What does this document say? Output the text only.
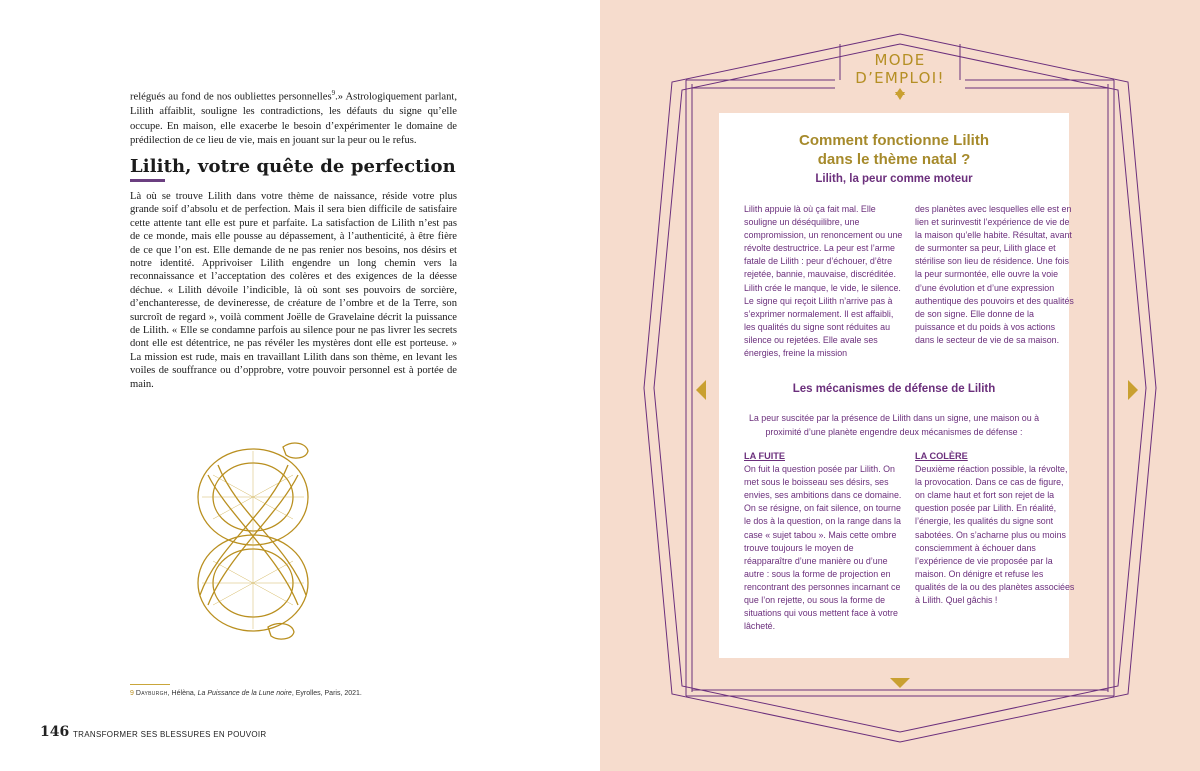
relégués au fond de nos oubliettes personnelles$^9$.» Astrologiquement parlant, Lilith affaiblit, souligne les contradictions, les défauts du signe qu’elle occupe. En maison, elle exacerbe le besoin d’expérimenter le domaine de prédilection de ce lieu de vie, mais en jouant sur la peur ou le refus.
Lilith, votre quête de perfection

Là où se trouve Lilith dans votre thème de naissance, réside votre plus grande soif d’absolu et de perfection. Mais il sera bien difficile de satisfaire cette attente tant elle est pure et parfaite. La satisfaction de Lilith n’est pas de ce monde, mais elle pousse au dépassement, à l’authenticité, à être fière de ce que l’on est. Elle demande de ne pas renier nos besoins, nos désirs et notre identité. Apprivoiser Lilith engendre un long chemin vers la reconnaissance et l’acceptation des colères et des exigences de la déesse déchue. « Lilith dévoile l’indicible, là où sont ses pouvoirs de sorcière, d’enchanteresse, de devineresse, de créature de l’ombre et de la Terre, son surcroît de regard », voilà comment Joëlle de Gravelaine décrit la puissance de Lilith. « Elle se condamne parfois au silence pour ne pas livrer les secrets dont elle est détentrice, ne pas révéler les mystères dont elle est porteuse. » La mission est rude, mais en travaillant Lilith dans son thème, en levant les voiles de souffrance ou d’opprobre, votre pouvoir personnel est à portée de main.

9 Dayburgh, Hélèna, La Puissance de la Lune noire, Eyrolles, Paris, 2021.
146 TRANSFORMER SES BLESSURES EN POUVOIR
MODE D’EMPLOI!
Comment fonctionne Lilith
dans le thème natal ?
Lilith, la peur comme moteur
Lilith appuie là où ça fait mal. Elle souligne un déséquilibre, une compromission, un renoncement ou une révolte destructrice. La peur est l’arme fatale de Lilith : peur d’échouer, d’être rejetée, bannie, mauvaise, discréditée. Lilith crée le manque, le vide, le silence. Le signe qui reçoit Lilith n’arrive pas à s’exprimer normalement. Il est affaibli, les qualités du signe sont réduites au silence ou rejetées. Elle avale ses énergies, freine la mission
des planètes avec lesquelles elle est en lien et surinvestit l’expérience de vie de la maison qu’elle habite. Résultat, avant de surmonter sa peur, Lilith glace et stérilise son lieu de résidence. Une fois la peur surmontée, elle ouvre la voie d’une évolution et d’une expression authentique des pouvoirs et des qualités de son signe. Elle donne de la puissance et du poids à vos actions dans le secteur de vie de sa maison.
Les mécanismes de défense de Lilith
La peur suscitée par la présence de Lilith dans un signe, une maison ou à proximité d’une planète engendre deux mécanismes de défense :
LA FUITE
On fuit la question posée par Lilith. On met sous le boisseau ses désirs, ses envies, ses ambitions dans ce domaine. On se résigne, on fait silence, on tourne le dos à la question, on la range dans la case « sujet tabou ». Mais cette ombre trouve toujours le moyen de réapparaître d’une manière ou d’une autre : sous la forme de projection en rencontrant des personnes incarnant ce que l’on rejette, ou sous la forme de situations qui vous mettent face à votre lâcheté.
LA COLÈRE
Deuxième réaction possible, la révolte, la provocation. Dans ce cas de figure, on clame haut et fort son rejet de la question posée par Lilith. En réalité, l’énergie, les qualités du signe sont sabotées. On s’acharne plus ou moins consciemment à échouer dans l’expérience de vie proposée par la maison. On dénigre et refuse les qualités de la ou des planètes associées à Lilith. Quel gâchis !
